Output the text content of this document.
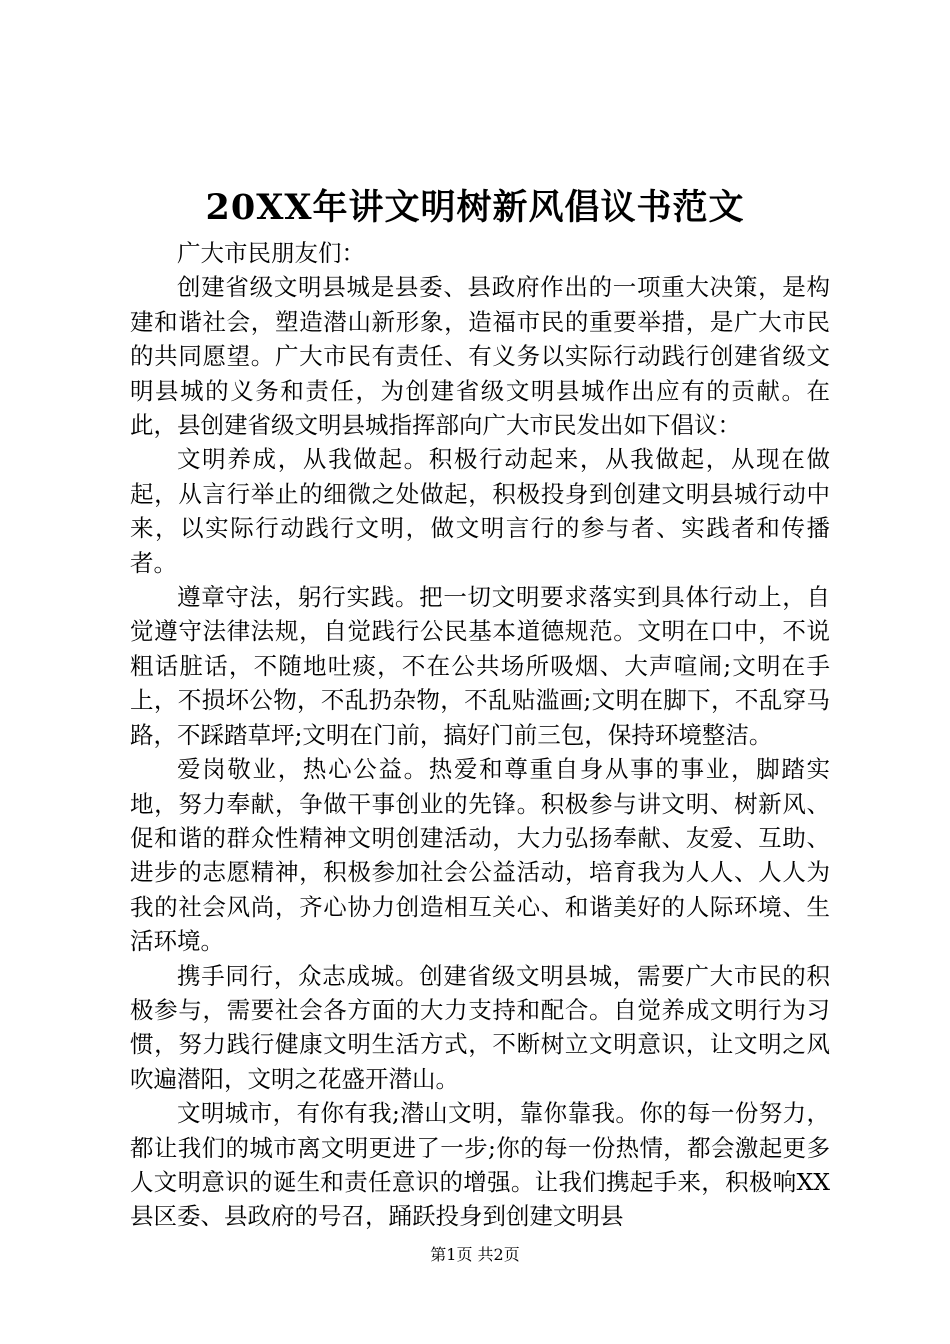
20XX年讲文明树新风倡议书范文

广大市民朋友们：

创建省级文明县城是县委、县政府作出的一项重大决策，是构建和谐社会，塑造潜山新形象，造福市民的重要举措，是广大市民的共同愿望。广大市民有责任、有义务以实际行动践行创建省级文明县城的义务和责任，为创建省级文明县城作出应有的贡献。在此，县创建省级文明县城指挥部向广大市民发出如下倡议：

文明养成，从我做起。积极行动起来，从我做起，从现在做起，从言行举止的细微之处做起，积极投身到创建文明县城行动中来，以实际行动践行文明，做文明言行的参与者、实践者和传播者。

遵章守法，躬行实践。把一切文明要求落实到具体行动上，自觉遵守法律法规，自觉践行公民基本道德规范。文明在口中，不说粗话脏话，不随地吐痰，不在公共场所吸烟、大声喧闹;文明在手上，不损坏公物，不乱扔杂物，不乱贴滥画;文明在脚下，不乱穿马路，不踩踏草坪;文明在门前，搞好门前三包，保持环境整洁。

爱岗敬业，热心公益。热爱和尊重自身从事的事业，脚踏实地，努力奉献，争做干事创业的先锋。积极参与讲文明、树新风、促和谐的群众性精神文明创建活动，大力弘扬奉献、友爱、互助、进步的志愿精神，积极参加社会公益活动，培育我为人人、人人为我的社会风尚，齐心协力创造相互关心、和谐美好的人际环境、生活环境。

携手同行，众志成城。创建省级文明县城，需要广大市民的积极参与，需要社会各方面的大力支持和配合。自觉养成文明行为习惯，努力践行健康文明生活方式，不断树立文明意识，让文明之风吹遍潜阳，文明之花盛开潜山。

文明城市，有你有我;潜山文明，靠你靠我。你的每一份努力，都让我们的城市离文明更进了一步;你的每一份热情，都会激起更多人文明意识的诞生和责任意识的增强。让我们携起手来，积极响XX县区委、县政府的号召，踊跃投身到创建文明县

第1页 共2页
